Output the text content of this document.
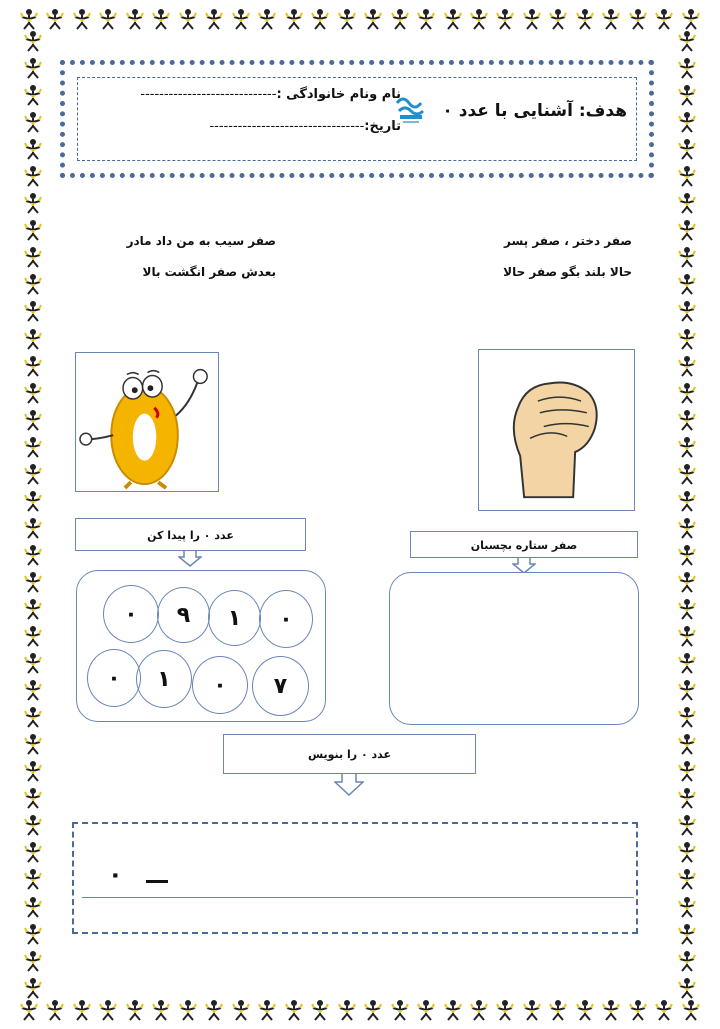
هدف: آشنایی با عدد ۰
نام ونام خانوادگی :-----------------------------
تاریخ:---------------------------------
صفر دختر ، صفر پسر
حالا بلند بگو صفر حالا
صفر سیب به من داد مادر
بعدش صفر انگشت بالا
عدد ۰ را پیدا کن
صفر ستاره بچسبان
۰ ۹ ۱ ۰
۰ ۱ ۰ ۷
عدد ۰ را بنویس
۰
